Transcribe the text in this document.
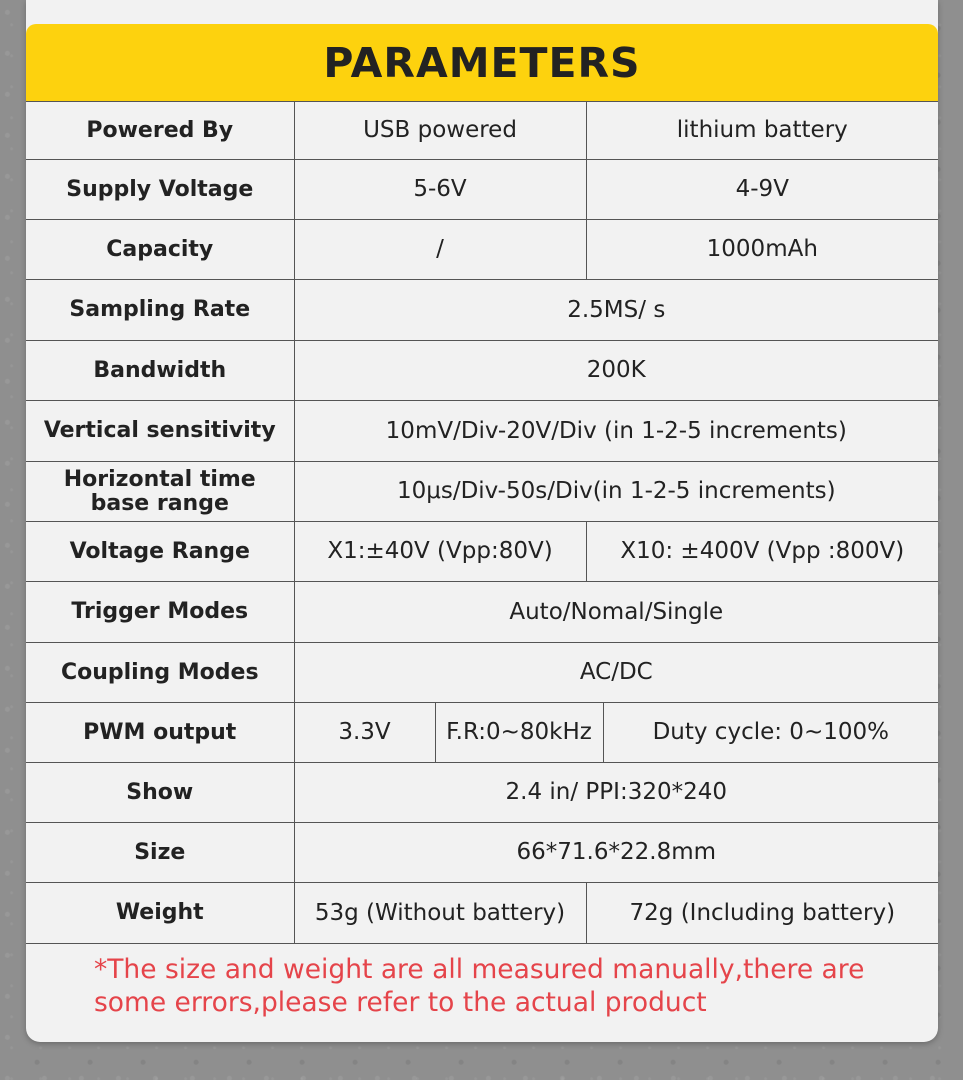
PARAMETERS
Powered By	USB powered		lithium battery	
Supply Voltage	5-6V		4-9V	
Capacity	/		1000mAh	
Sampling Rate	2.5MS/ s			
Bandwidth	200K			
Vertical sensitivity	10mV/Div-20V/Div (in 1-2-5 increments)			

Horizontal time
base range	10μs/Div-50s/Div(in 1-2-5 increments)			
Voltage Range	X1:±40V (Vpp:80V)		X10: ±400V (Vpp :800V)	
Trigger Modes	Auto/Nomal/Single			
Coupling Modes	AC/DC			
PWM output	3.3V	F.R:0~80kHz		Duty cycle: 0~100%
Show	2.4 in/ PPI:320*240			
Size	66*71.6*22.8mm			
Weight	53g (Without battery)		72g (Including battery)	
*The size and weight are all measured manually,there are
some errors,please refer to the actual product
